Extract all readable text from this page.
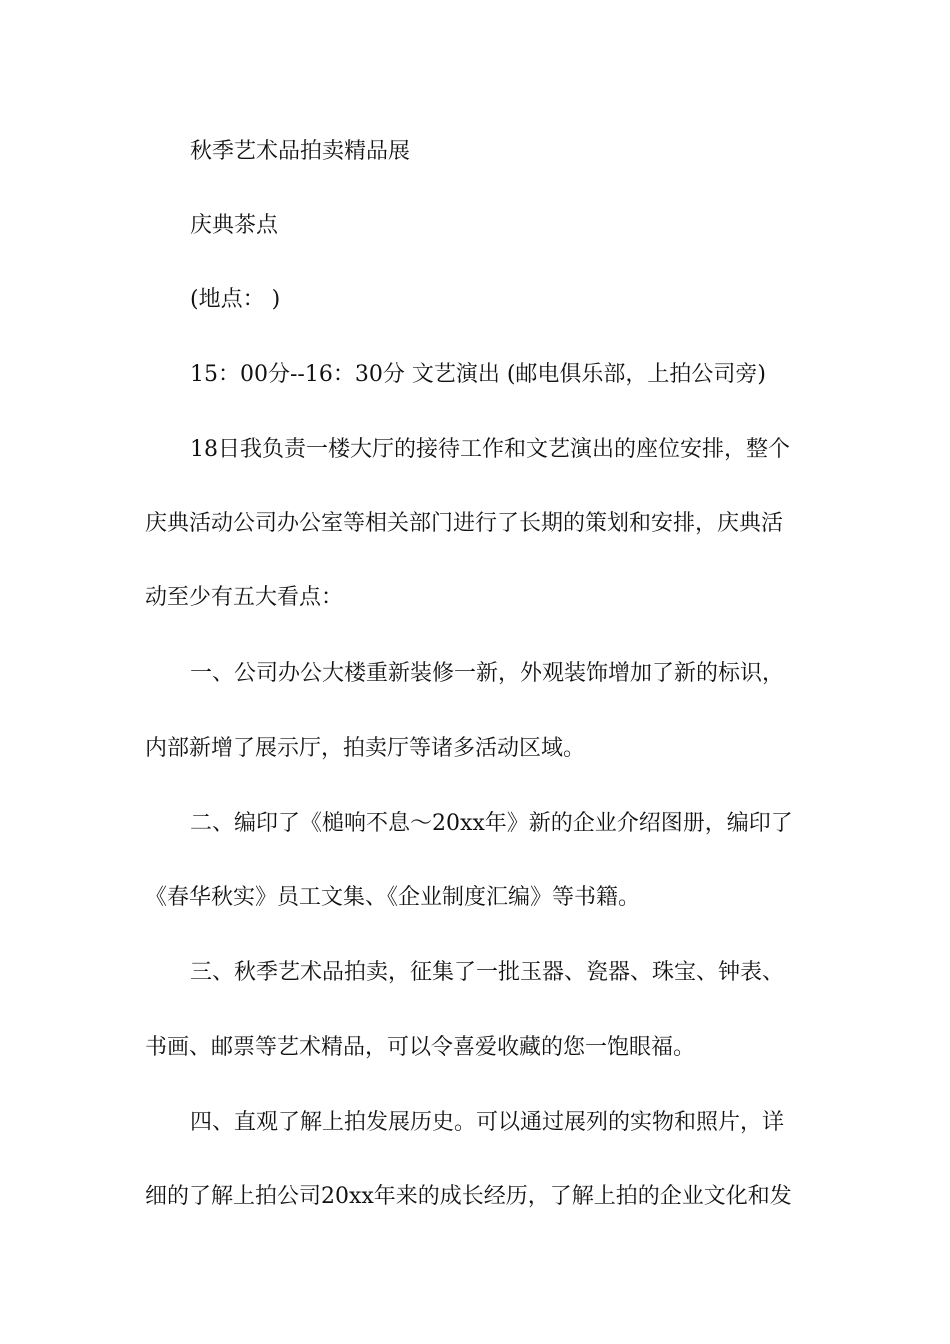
秋季艺术品拍卖精品展
庆典茶点
(地点： )
15：00分--16：30分 文艺演出 (邮电俱乐部，上拍公司旁)
18日我负责一楼大厅的接待工作和文艺演出的座位安排，整个
庆典活动公司办公室等相关部门进行了长期的策划和安排，庆典活
动至少有五大看点：
一、公司办公大楼重新装修一新，外观装饰增加了新的标识，
内部新增了展示厅，拍卖厅等诸多活动区域。
二、编印了《槌响不息～20xx年》新的企业介绍图册，编印了
《春华秋实》员工文集、《企业制度汇编》等书籍。
三、秋季艺术品拍卖，征集了一批玉器、瓷器、珠宝、钟表、
书画、邮票等艺术精品，可以令喜爱收藏的您一饱眼福。
四、直观了解上拍发展历史。可以通过展列的实物和照片，详
细的了解上拍公司20xx年来的成长经历，了解上拍的企业文化和发
